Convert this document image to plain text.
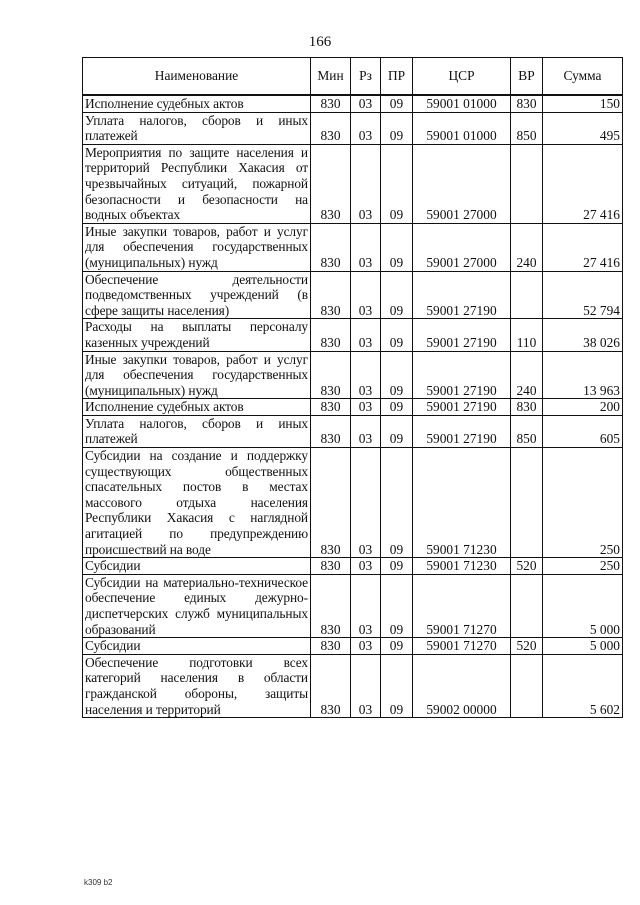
166
Наименование	Мин	Рз	ПР	ЦСР	ВР	Сумма
Исполнение судебных актов	830	03	09	59001 01000	830	150
Уплата налогов, сборов и иных платежей	830	03	09	59001 01000	850	495
Мероприятия по защите населения и территорий Республики Хакасия от чрезвычайных ситуаций, пожарной безопасности и безопасности на водных объектах	830	03	09	59001 27000		27 416
Иные закупки товаров, работ и услуг для обеспечения государственных (муниципальных) нужд	830	03	09	59001 27000	240	27 416
Обеспечение деятельности подведомственных учреждений (в сфере защиты населения)	830	03	09	59001 27190		52 794
Расходы на выплаты персоналу казенных учреждений	830	03	09	59001 27190	110	38 026
Иные закупки товаров, работ и услуг для обеспечения государственных (муниципальных) нужд	830	03	09	59001 27190	240	13 963
Исполнение судебных актов	830	03	09	59001 27190	830	200
Уплата налогов, сборов и иных платежей	830	03	09	59001 27190	850	605
Субсидии на создание и поддержку существующих общественных спасательных постов в местах массового отдыха населения Республики Хакасия с наглядной агитацией по предупреждению происшествий на воде	830	03	09	59001 71230		250
Субсидии	830	03	09	59001 71230	520	250
Субсидии на материально-техническое обеспечение единых дежурно-диспетчерских служб муниципальных образований	830	03	09	59001 71270		5 000
Субсидии	830	03	09	59001 71270	520	5 000
Обеспечение подготовки всех категорий населения в области гражданской обороны, защиты населения и территорий	830	03	09	59002 00000		5 602
k309 b2
